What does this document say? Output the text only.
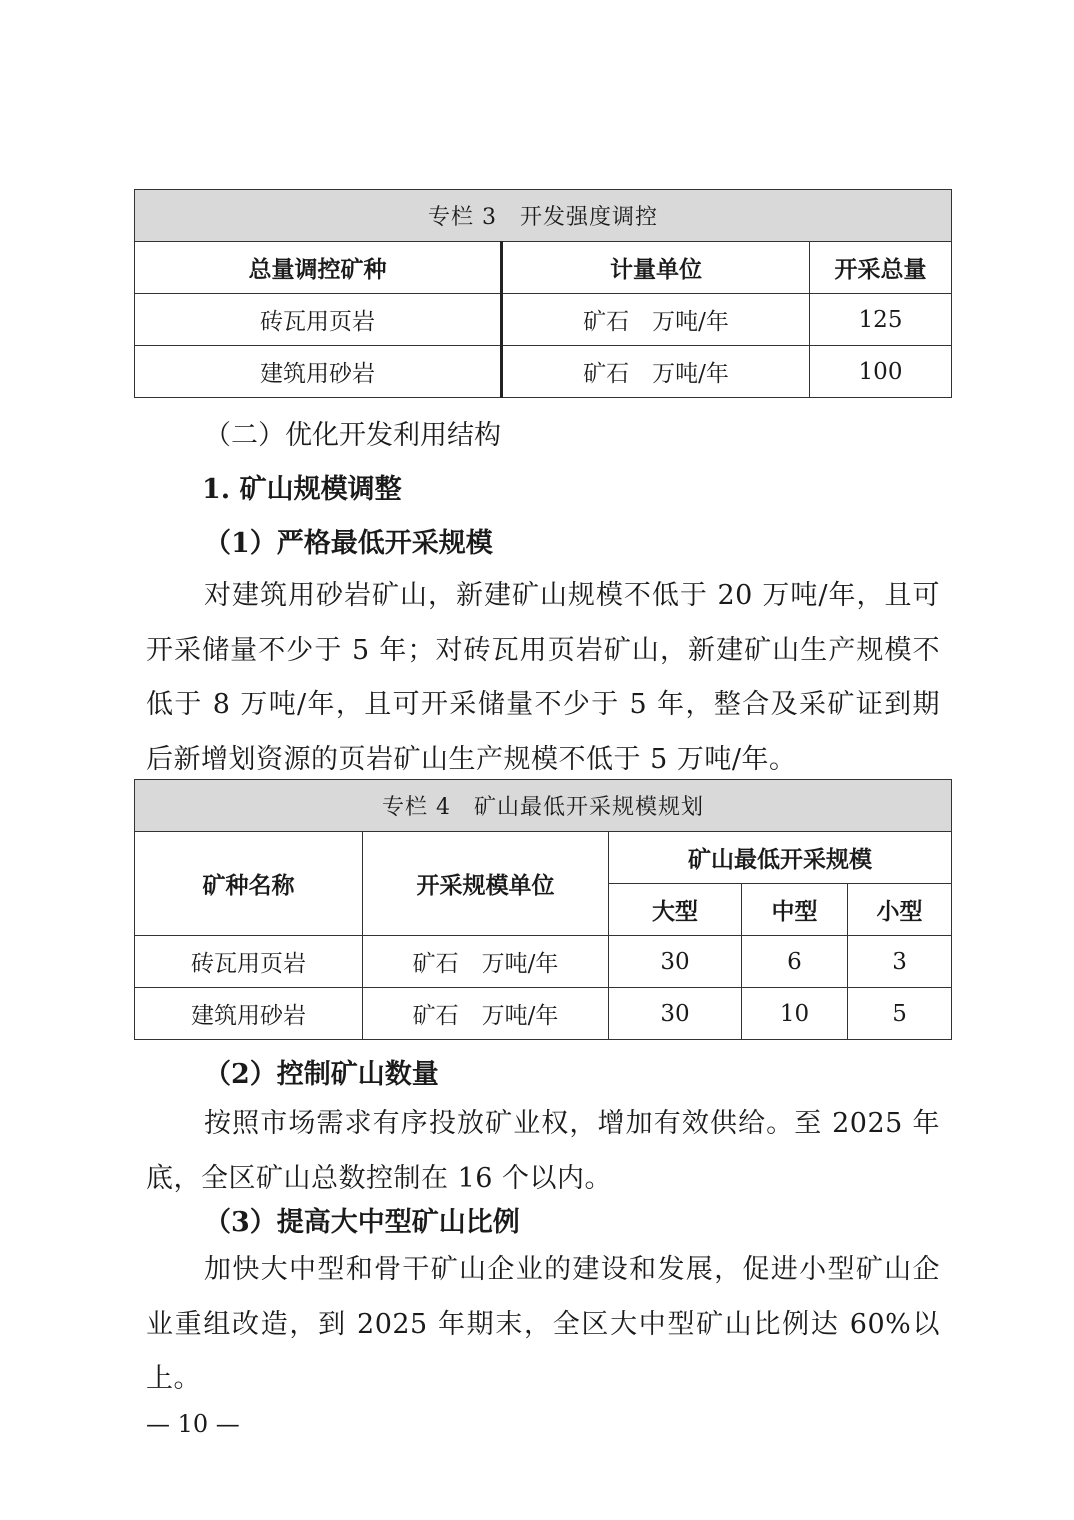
专栏 3　开发强度调控		
总量调控矿种	计量单位	开采总量
砖瓦用页岩	矿石　万吨/年	125
建筑用砂岩	矿石　万吨/年	100
（二）优化开发利用结构
1. 矿山规模调整
（1）严格最低开采规模
对建筑用砂岩矿山，新建矿山规模不低于 20 万吨/年，且可开采储量不少于 5 年；对砖瓦用页岩矿山，新建矿山生产规模不低于 8 万吨/年，且可开采储量不少于 5 年，整合及采矿证到期后新增划资源的页岩矿山生产规模不低于 5 万吨/年。
专栏 4　矿山最低开采规模规划				
矿种名称	开采规模单位	矿山最低开采规模		
		大型	中型	小型
砖瓦用页岩	矿石　万吨/年	30	6	3
建筑用砂岩	矿石　万吨/年	30	10	5
（2）控制矿山数量
按照市场需求有序投放矿业权，增加有效供给。至 2025 年底，全区矿山总数控制在 16 个以内。
（3）提高大中型矿山比例
加快大中型和骨干矿山企业的建设和发展，促进小型矿山企业重组改造，到 2025 年期末，全区大中型矿山比例达 60%以上。
— 10 —
